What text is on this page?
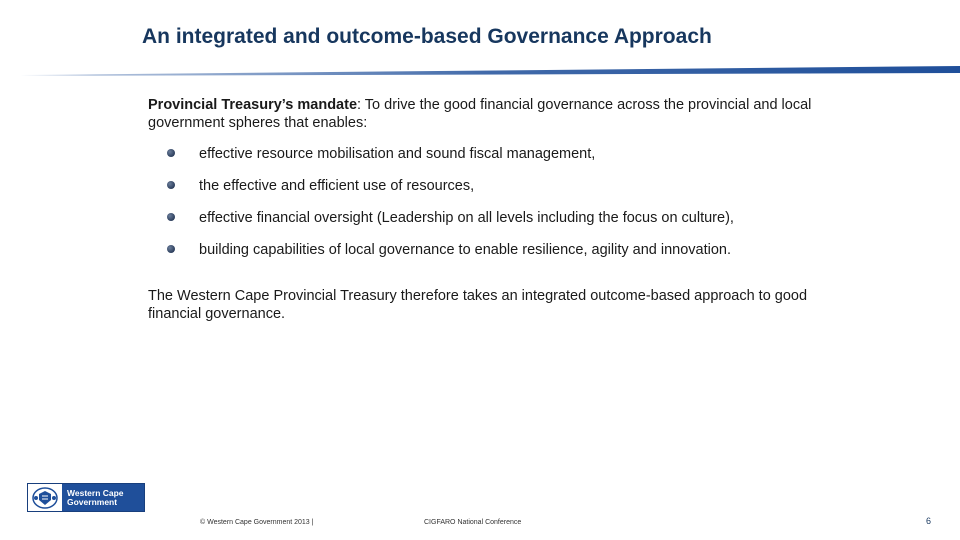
An integrated and outcome-based Governance Approach
Provincial Treasury’s mandate: To drive the good financial governance across the provincial and local government spheres that enables:
effective resource mobilisation and sound fiscal management,
the effective and efficient use of resources,
effective financial oversight (Leadership on all levels including the focus on culture),
building capabilities of local governance to enable resilience, agility and innovation.
The Western Cape Provincial Treasury therefore takes an integrated outcome-based approach to good financial governance.
Western Cape
Government
© Western Cape Government 2013 |	CIGFARO National Conference	6
